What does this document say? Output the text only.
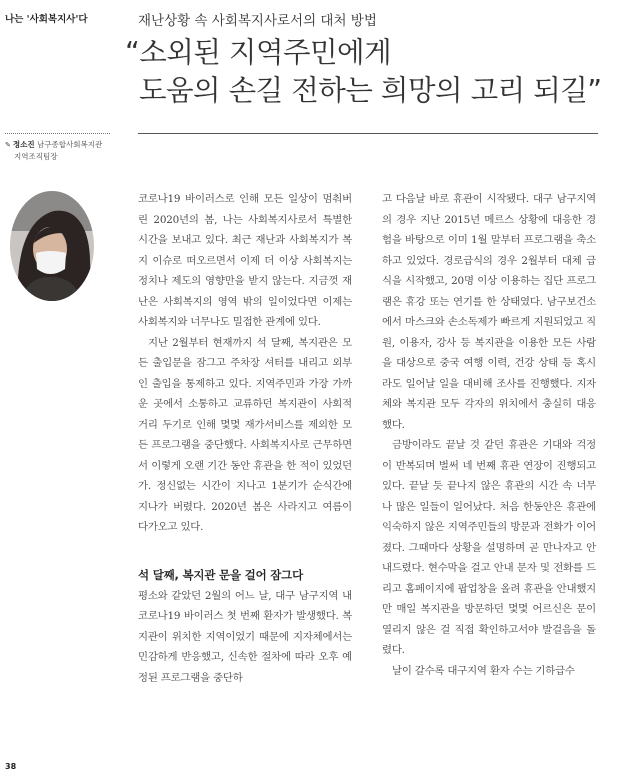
나는 '사회복지사'다	재난상황 속 사회복지사로서의 대처 방법
“소외된 지역주민에게
도움의 손길 전하는 희망의 고리 되길”
✎ 정소진 남구종합사회복지관
지역조직팀장

코로나19 바이러스로 인해 모든 일상이 멈춰버린 2020년의 봄, 나는 사회복지사로서 특별한 시간을 보내고 있다. 최근 재난과 사회복지가 복지 이슈로 떠오르면서 이제 더 이상 사회복지는 정치나 제도의 영향만을 받지 않는다. 지금껏 재난은 사회복지의 영역 밖의 일이었다면 이제는 사회복지와 너무나도 밀접한 관계에 있다.

지난 2월부터 현재까지 석 달째, 복지관은 모든 출입문을 잠그고 주차장 셔터를 내리고 외부인 출입을 통제하고 있다. 지역주민과 가장 가까운 곳에서 소통하고 교류하던 복지관이 사회적 거리 두기로 인해 몇몇 재가서비스를 제외한 모든 프로그램을 중단했다. 사회복지사로 근무하면서 이렇게 오랜 기간 동안 휴관을 한 적이 있었던가. 정신없는 시간이 지나고 1분기가 순식간에 지나가 버렸다. 2020년 봄은 사라지고 여름이 다가오고 있다.

석 달째, 복지관 문을 걸어 잠그다

평소와 같았던 2월의 어느 날, 대구 남구지역 내 코로나19 바이러스 첫 번째 환자가 발생했다. 복지관이 위치한 지역이었기 때문에 지자체에서는 민감하게 반응했고, 신속한 절차에 따라 오후 예정된 프로그램을 중단하

고 다음날 바로 휴관이 시작됐다. 대구 남구지역의 경우 지난 2015년 메르스 상황에 대응한 경험을 바탕으로 이미 1월 말부터 프로그램을 축소하고 있었다. 경로급식의 경우 2월부터 대체 급식을 시작했고, 20명 이상 이용하는 집단 프로그램은 휴강 또는 연기를 한 상태였다. 남구보건소에서 마스크와 손소독제가 빠르게 지원되었고 직원, 이용자, 강사 등 복지관을 이용한 모든 사람을 대상으로 중국 여행 이력, 건강 상태 등 혹시라도 일어날 일을 대비해 조사를 진행했다. 지자체와 복지관 모두 각자의 위치에서 충실히 대응했다.

금방이라도 끝날 것 같던 휴관은 기대와 걱정이 반복되며 벌써 네 번째 휴관 연장이 진행되고 있다. 끝날 듯 끝나지 않은 휴관의 시간 속 너무나 많은 일들이 일어났다. 처음 한동안은 휴관에 익숙하지 않은 지역주민들의 방문과 전화가 이어졌다. 그때마다 상황을 설명하며 곧 만나자고 안내드렸다. 현수막을 걸고 안내 문자 및 전화를 드리고 홈페이지에 팝업창을 올려 휴관을 안내했지만 매일 복지관을 방문하던 몇몇 어르신은 문이 열리지 않은 걸 직접 확인하고서야 발걸음을 돌렸다.

날이 갈수록 대구지역 환자 수는 기하급수

38
